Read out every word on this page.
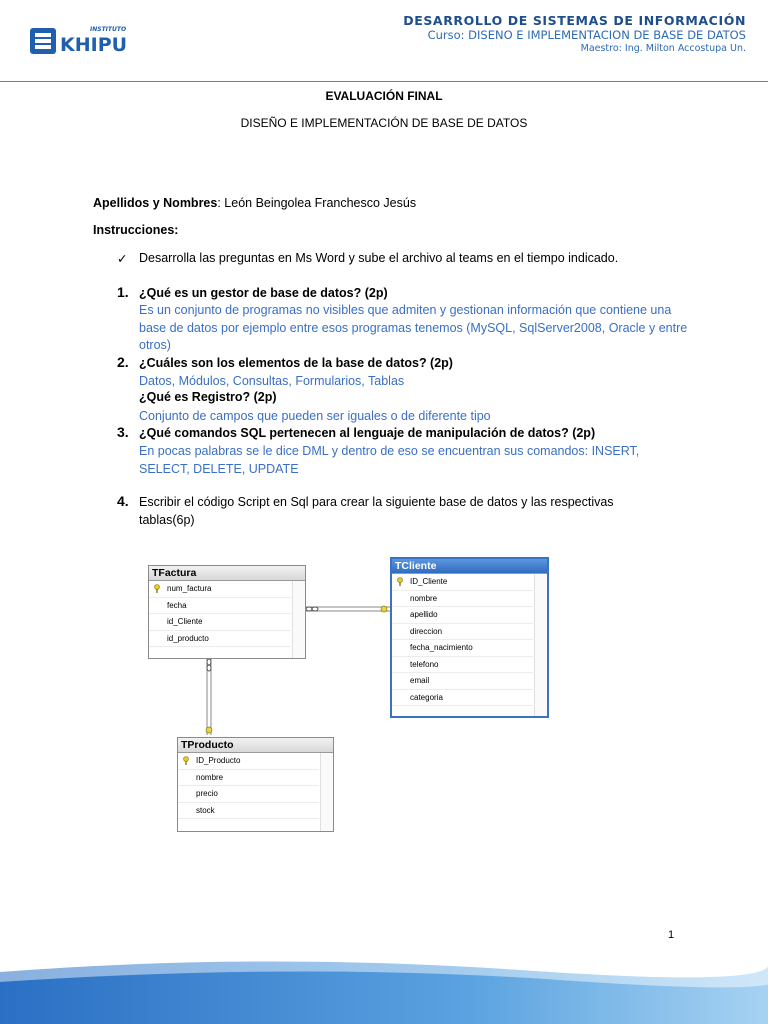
INSTITUTO
KHIPU
DESARROLLO DE SISTEMAS DE INFORMACIÓN
Curso: DISENO E IMPLEMENTACION DE BASE DE DATOS
Maestro: Ing. Milton Accostupa Un.
EVALUACIÓN FINAL
DISEÑO E IMPLEMENTACIÓN DE BASE DE DATOS
Apellidos y Nombres: León Beingolea Franchesco Jesús
Instrucciones:
✓ Desarrolla las preguntas en Ms Word y sube el archivo al teams en el tiempo indicado.
1. ¿Qué es un gestor de base de datos? (2p)
Es un conjunto de programas no visibles que admiten y gestionan información que contiene una base de datos por ejemplo entre esos programas tenemos (MySQL, SqlServer2008, Oracle y entre otros)
2. ¿Cuáles son los elementos de la base de datos? (2p)
Datos, Módulos, Consultas, Formularios, Tablas
¿Qué es Registro? (2p)
Conjunto de campos que pueden ser iguales o de diferente tipo
3. ¿Qué comandos SQL pertenecen al lenguaje de manipulación de datos? (2p)
En pocas palabras se le dice DML y dentro de eso se encuentran sus comandos: INSERT, SELECT, DELETE, UPDATE
4. Escribir el código Script en Sql para crear la siguiente base de datos y las respectivas
tablas(6p)
TFactura
num_factura
fecha
id_Cliente
id_producto
TCliente
ID_Cliente
nombre
apellido
direccion
fecha_nacimiento
telefono
email
categoria
TProducto
ID_Producto
nombre
precio
stock
1
